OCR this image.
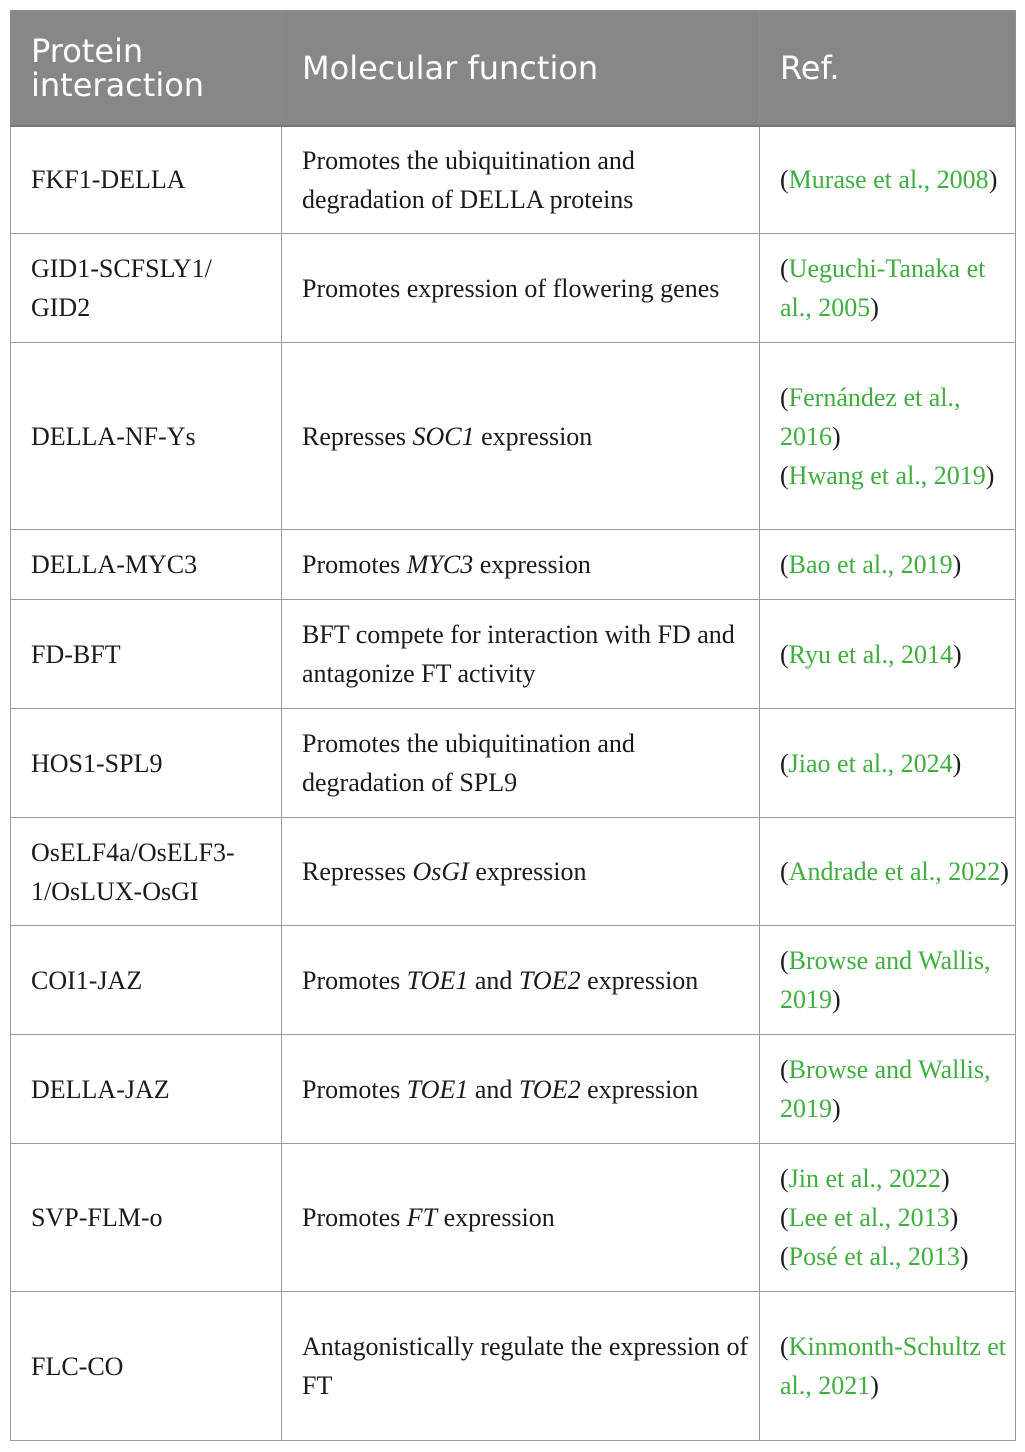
Protein interaction	Molecular function	Ref.
FKF1-DELLA	Promotes the ubiquitination and degradation of DELLA proteins	(Murase et al., 2008)

GID1-SCFSLY1/ GID2	Promotes expression of flowering genes	(Ueguchi-Tanaka et al., 2005)

DELLA-NF-Ys	Represses SOC1 expression	(Fernández et al., 2016)
(Hwang et al., 2019)

DELLA-MYC3	Promotes MYC3 expression	(Bao et al., 2019)

FD-BFT	BFT compete for interaction with FD and antagonize FT activity	(Ryu et al., 2014)

HOS1-SPL9	Promotes the ubiquitination and degradation of SPL9	(Jiao et al., 2024)

OsELF4a/OsELF3-1/OsLUX-OsGI	Represses OsGI expression	(Andrade et al., 2022)

COI1-JAZ	Promotes TOE1 and TOE2 expression	(Browse and Wallis, 2019)

DELLA-JAZ	Promotes TOE1 and TOE2 expression	(Browse and Wallis, 2019)

SVP-FLM-o	Promotes FT expression	(Jin et al., 2022)
(Lee et al., 2013)
(Posé et al., 2013)

FLC-CO	Antagonistically regulate the expression of FT	(Kinmonth-Schultz et al., 2021)
